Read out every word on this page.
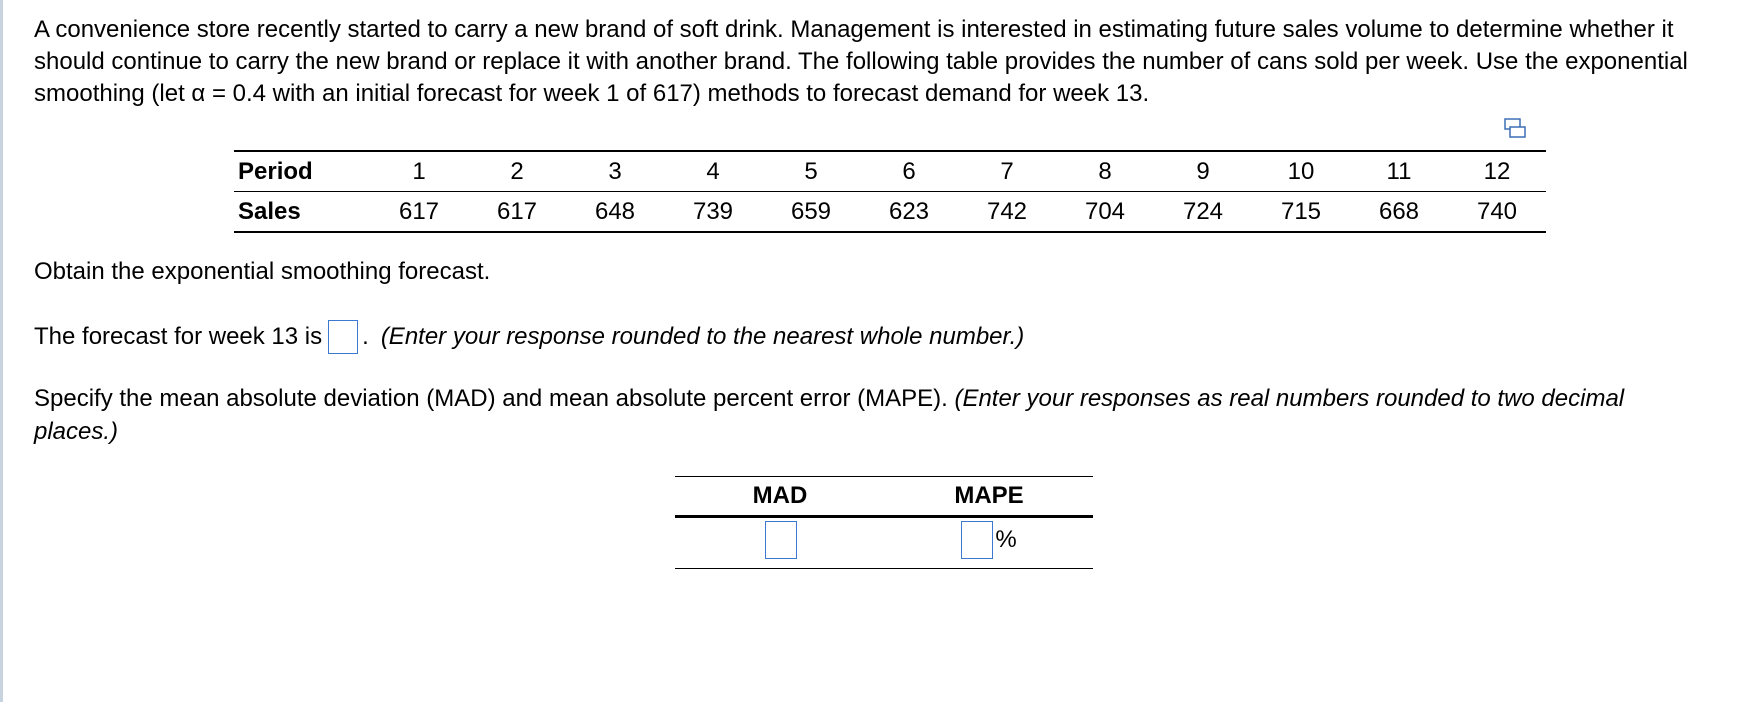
A convenience store recently started to carry a new brand of soft drink. Management is interested in estimating future sales volume to determine whether it should continue to carry the new brand or replace it with another brand. The following table provides the number of cans sold per week. Use the exponential smoothing (let α = 0.4 with an initial forecast for week 1 of 617) methods to forecast demand for week 13.

Period	1	2	3	4	5	6	7	8	9	10	11	12
Sales	617	617	648	739	659	623	742	704	724	715	668	740
Obtain the exponential smoothing forecast.
The forecast for week 13 is . (Enter your response rounded to the nearest whole number.)
Specify the mean absolute deviation (MAD) and mean absolute percent error (MAPE). (Enter your responses as real numbers rounded to two decimal places.)
MAD	MAPE

	%
